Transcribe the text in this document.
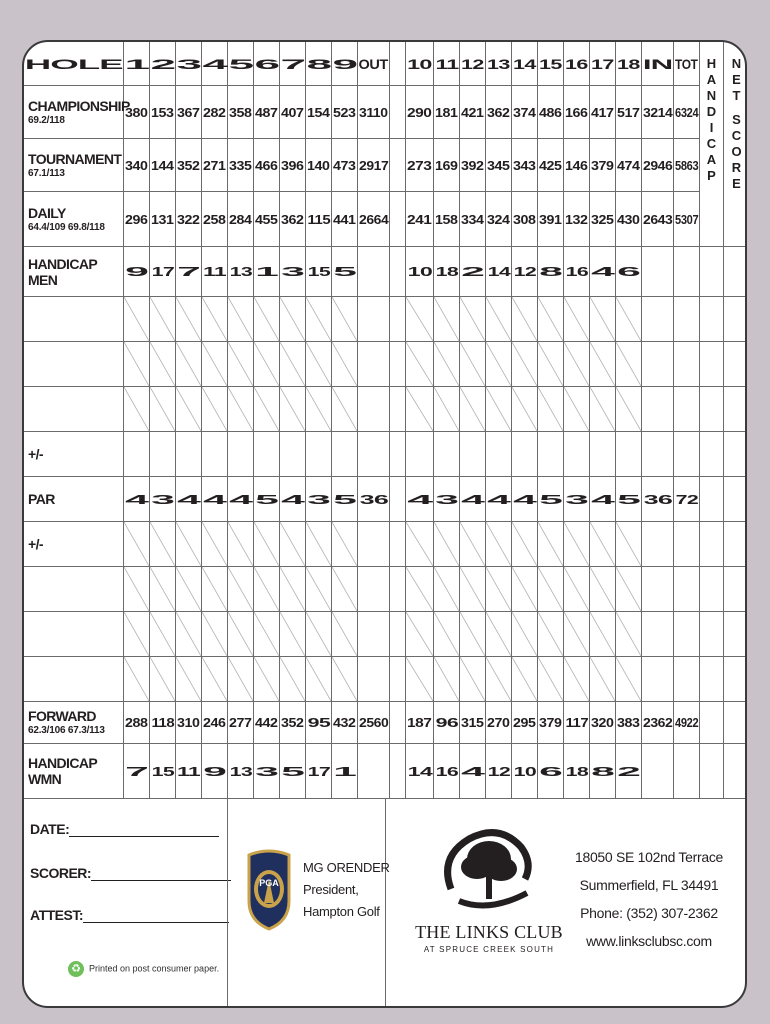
HOLE 1 2 3 4 5 6 7 8 9 OUT 10 11 12 13 14 15 16 17 18 IN TOT
CHAMPIONSHIP
69.2/118
380 153 367 282 358 487 407 154 523 3110 290 181 421 362 374 486 166 417 517 3214 6324
TOURNAMENT
67.1/113
340 144 352 271 335 466 396 140 473 2917 273 169 392 345 343 425 146 379 474 2946 5863
DAILY
64.4/109 69.8/118
296 131 322 258 284 455 362 115 441 2664 241 158 334 324 308 391 132 325 430 2643 5307
HANDICAP MEN	9 17 7 11 13 1 3 15 5	10 18 2 14 12 8 16 4 6
+/-
PAR	4 3 4 4 4 5 4 3 5 36 4 3 4 4 4 5 3 4 5 36 72
+/-
FORWARD
62.3/106 67.3/113
288 118 310 246 277 442 352 95 432 2560 187 96 315 270 295 379 117 320 383 2362 4922
HANDICAP WMN	7 15 11 9 13 3 5 17 1	14 16 4 12 10 6 18 8 2
H
A
N
D
I
C
A
P
N
E
T
S
C
O
R
E
DATE:
SCORER:
ATTEST:
♻ Printed on post consumer paper.
PGA
MG ORENDER
President,
Hampton Golf
THE LINKS CLUB
AT SPRUCE CREEK SOUTH
18050 SE 102nd Terrace
Summerfield, FL 34491
Phone: (352) 307-2362
www.linksclubsc.com
